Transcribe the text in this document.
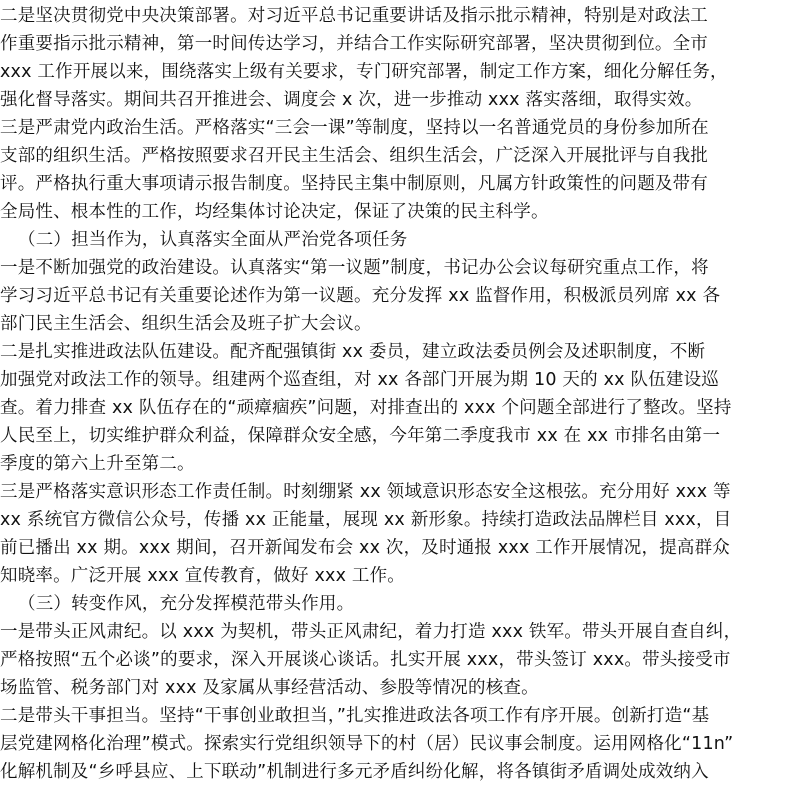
二是坚决贯彻党中央决策部署。对习近平总书记重要讲话及指示批示精神，特别是对政法工
作重要指示批示精神，第一时间传达学习，并结合工作实际研究部署，坚决贯彻到位。全市
xxx 工作开展以来，围绕落实上级有关要求，专门研究部署，制定工作方案，细化分解任务，
强化督导落实。期间共召开推进会、调度会 x 次，进一步推动 xxx 落实落细，取得实效。
三是严肃党内政治生活。严格落实“三会一课”等制度，坚持以一名普通党员的身份参加所在
支部的组织生活。严格按照要求召开民主生活会、组织生活会，广泛深入开展批评与自我批
评。严格执行重大事项请示报告制度。坚持民主集中制原则，凡属方针政策性的问题及带有
全局性、根本性的工作，均经集体讨论决定，保证了决策的民主科学。
（二）担当作为，认真落实全面从严治党各项任务
一是不断加强党的政治建设。认真落实“第一议题”制度，书记办公会议每研究重点工作，将
学习习近平总书记有关重要论述作为第一议题。充分发挥 xx 监督作用，积极派员列席 xx 各
部门民主生活会、组织生活会及班子扩大会议。
二是扎实推进政法队伍建设。配齐配强镇街 xx 委员，建立政法委员例会及述职制度，不断
加强党对政法工作的领导。组建两个巡查组，对 xx 各部门开展为期 10 天的 xx 队伍建设巡
查。着力排查 xx 队伍存在的“顽瘴痼疾”问题，对排查出的 xxx 个问题全部进行了整改。坚持
人民至上，切实维护群众利益，保障群众安全感，今年第二季度我市 xx 在 xx 市排名由第一
季度的第六上升至第二。
三是严格落实意识形态工作责任制。时刻绷紧 xx 领域意识形态安全这根弦。充分用好 xxx 等
xx 系统官方微信公众号，传播 xx 正能量，展现 xx 新形象。持续打造政法品牌栏目 xxx，目
前已播出 xx 期。xxx 期间，召开新闻发布会 xx 次，及时通报 xxx 工作开展情况，提高群众
知晓率。广泛开展 xxx 宣传教育，做好 xxx 工作。
（三）转变作风，充分发挥模范带头作用。
一是带头正风肃纪。以 xxx 为契机，带头正风肃纪，着力打造 xxx 铁军。带头开展自查自纠，
严格按照“五个必谈”的要求，深入开展谈心谈话。扎实开展 xxx，带头签订 xxx。带头接受市
场监管、税务部门对 xxx 及家属从事经营活动、参股等情况的核查。
二是带头干事担当。坚持“干事创业敢担当，”扎实推进政法各项工作有序开展。创新打造“基
层党建网格化治理”模式。探索实行党组织领导下的村（居）民议事会制度。运用网格化“11n”
化解机制及“乡呼县应、上下联动”机制进行多元矛盾纠纷化解，将各镇街矛盾调处成效纳入
